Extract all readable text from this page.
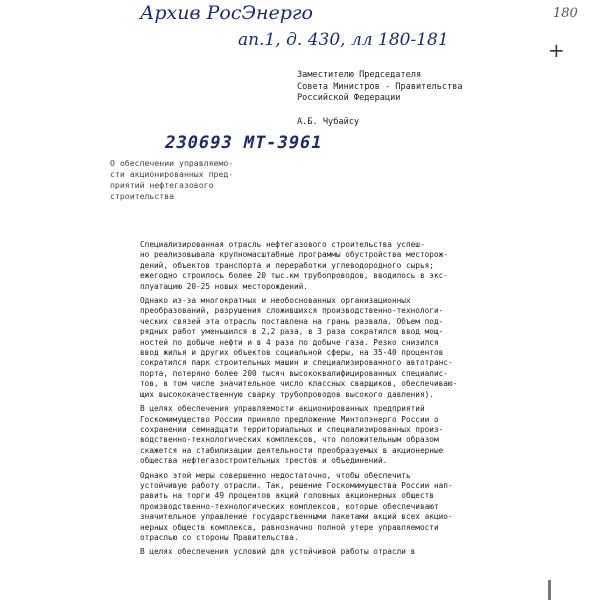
Архив РосЭнерго
ап.1, д. 430, лл 180-181
180
+
Заместителю Председателя
Совета Министров - Правительства
Российской Федерации
А.Б. Чубайсу
230693 МТ-3961
О обеспечении управляемо-
сти акционированных пред-
приятий нефтегазового
строительства

Специализированная отрасль нефтегазового строительства успеш-
но реализовывала крупномасштабные программы обустройства месторож-
дений, объектов транспорта и переработки углеводородного сырья;
ежегодно строилось более 20 тыс.км трубопроводов, вводилось в экс-
плуатацию 20-25 новых месторождений.

Однако из-за многократных и необоснованных организационных
преобразований, разрушения сложившихся производственно-технологи-
ческих связей эта отрасль поставлена на грань развала. Объем под-
рядных работ уменьшился в 2,2 раза, в 3 раза сократился ввод мощ-
ностей по добыче нефти и в 4 раза по добыче газа. Резко снизился
ввод жилья и других объектов социальной сферы, на 35-40 процентов
сократился парк строительных машин и специализированного автотранс-
порта, потеряно более 200 тысяч высококвалифицированных специалис-
тов, в том числе значительное число классных сварщиков, обеспечиваю-
щих высококачественную сварку трубопроводов высокого давления).

В целях обеспечения управляемости акционированных предприятий
Госкомимущество России приняло предложение Минтопэнерго России о
сохранении семнадцати территориальных и специализированных произ-
водственно-технологических комплексов, что положительным образом
скажется на стабилизации деятельности преобразуемых в акционерные
общества нефтегазостроительных трестов и объединений.

Однако этой меры совершенно недостаточно, чтобы обеспечить
устойчивую работу отрасли. Так, решение Госкомимущества России нап-
равить на торги 49 процентов акций головных акционерных обществ
производственно-технологических комплексов, которые обеспечивают
значительное управление государственными пакетами акций всех акцио-
нерных обществ комплекса, равнозначно полной утере управляемости
отраслью со стороны Правительства.

В целях обеспечения условий для устойчивой работы отрасли в
